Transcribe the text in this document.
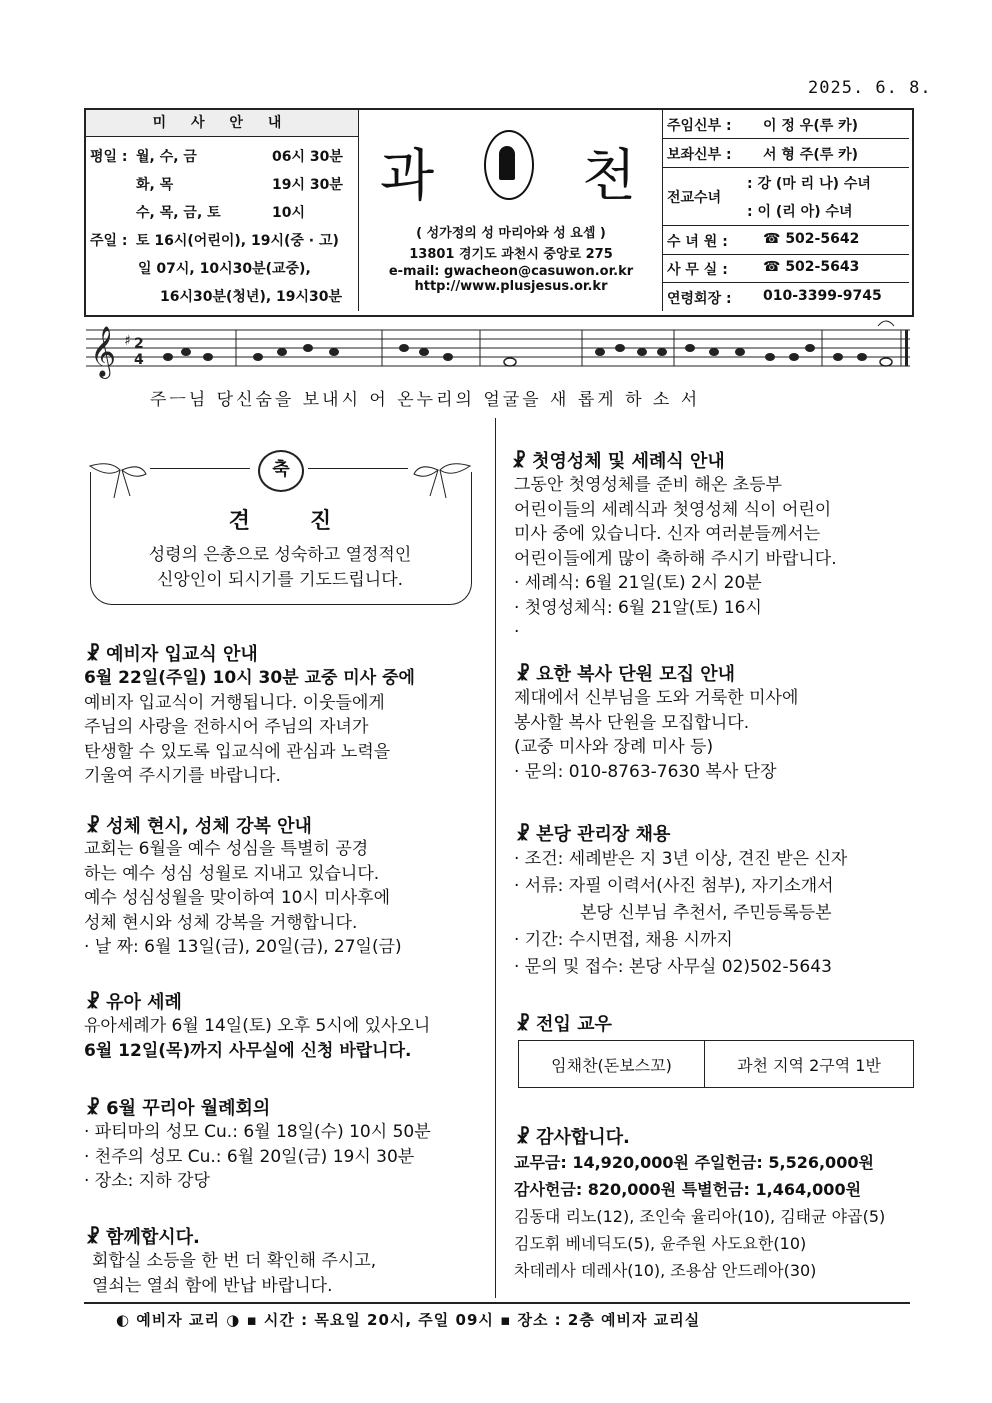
2025. 6. 8.
미 사 안 내
평일 : 월, 수, 금	06시 30분
화, 목	19시 30분
수, 목, 금, 토	10시
주일 : 토 16시(어린이), 19시(중 · 고)
일 07시, 10시30분(교중),
16시30분(청년), 19시30분
과	천
( 성가정의 성 마리아와 성 요셉 )
13801 경기도 과천시 중앙로 275
e-mail: gwacheon@casuwon.or.kr
http://www.plusjesus.or.kr
주임신부 : 이 정 우(루 카)
보좌신부 : 서 형 주(루 카)
전교수녀
: 강 (마 리 나) 수녀
: 이 (리 아) 수녀
수 녀 원 :	☎ 502-5642
사 무 실 :	☎ 502-5643
연령회장 : 010-3399-9745
𝄞 ♯ 2
4
주ㅡ님 당신숨을 보내시 어 온누리의 얼굴을 새 롭게 하 소 서
축
견진
성령의 은총으로 성숙하고 열정적인
신앙인이 되시기를 기도드립니다.
☧ 예비자 입교식 안내
6월 22일(주일) 10시 30분 교중 미사 중에
예비자 입교식이 거행됩니다. 이웃들에게
주님의 사랑을 전하시어 주님의 자녀가
탄생할 수 있도록 입교식에 관심과 노력을
기울여 주시기를 바랍니다.
☧ 성체 현시, 성체 강복 안내
교회는 6월을 예수 성심을 특별히 공경
하는 예수 성심 성월로 지내고 있습니다.
예수 성심성월을 맞이하여 10시 미사후에
성체 현시와 성체 강복을 거행합니다.
· 날 짜: 6월 13일(금), 20일(금), 27일(금)
☧ 유아 세례
유아세례가 6월 14일(토) 오후 5시에 있사오니
6월 12일(목)까지 사무실에 신청 바랍니다.
☧ 6월 꾸리아 월례회의
· 파티마의 성모 Cu.: 6월 18일(수) 10시 50분
· 천주의 성모 Cu.: 6월 20일(금) 19시 30분
· 장소: 지하 강당
☧ 함께합시다.
회합실 소등을 한 번 더 확인해 주시고,
열쇠는 열쇠 함에 반납 바랍니다.
☧ 첫영성체 및 세례식 안내
그동안 첫영성체를 준비 해온 초등부
어린이들의 세례식과 첫영성체 식이 어린이
미사 중에 있습니다. 신자 여러분들께서는
어린이들에게 많이 축하해 주시기 바랍니다.
· 세례식: 6월 21일(토) 2시 20분
· 첫영성체식: 6월 21알(토) 16시
·
☧ 요한 복사 단원 모집 안내
제대에서 신부님을 도와 거룩한 미사에
봉사할 복사 단원을 모집합니다.
(교중 미사와 장례 미사 등)
· 문의: 010-8763-7630 복사 단장
☧ 본당 관리장 채용
· 조건: 세례받은 지 3년 이상, 견진 받은 신자
· 서류: 자필 이력서(사진 첨부), 자기소개서
본당 신부님 추천서, 주민등록등본
· 기간: 수시면접, 채용 시까지
· 문의 및 접수: 본당 사무실 02)502-5643
☧ 전입 교우
임채찬(돈보스꼬)	과천 지역 2구역 1반
☧ 감사합니다.
교무금: 14,920,000원 주일헌금: 5,526,000원
감사헌금: 820,000원 특별헌금: 1,464,000원
김동대 리노(12), 조인숙 율리아(10), 김태균 야곱(5)
김도휘 베네딕도(5), 윤주원 사도요한(10)
차데레사 데레사(10), 조용삼 안드레아(30)
◐ 예비자 교리 ◑ ▪ 시간 : 목요일 20시, 주일 09시 ▪ 장소 : 2층 예비자 교리실
